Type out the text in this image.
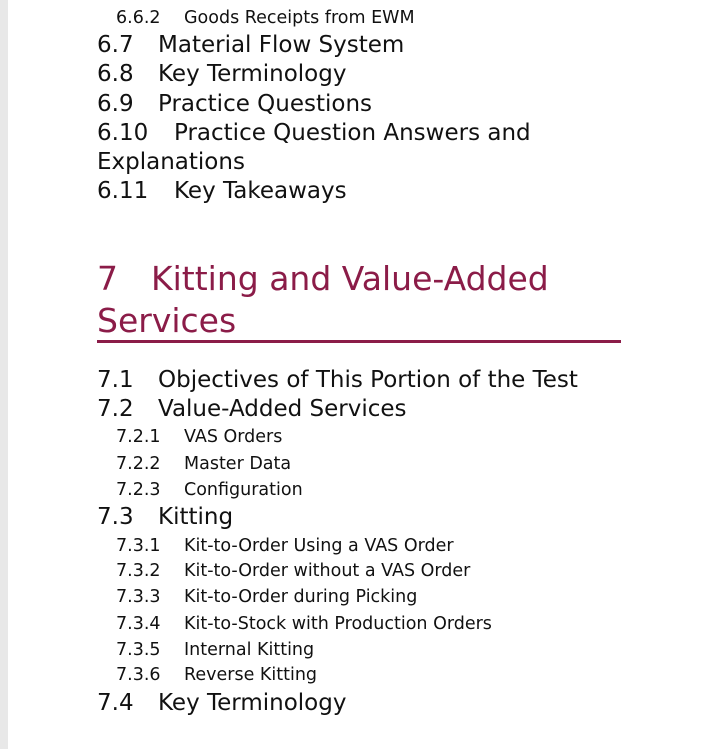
6.6.2	Goods Receipts from EWM
6.7	Material Flow System
6.8	Key Terminology
6.9	Practice Questions
6.10	Practice Question Answers and
Explanations
6.11	Key Takeaways
7 Kitting and Value-Added
Services
7.1	Objectives of This Portion of the Test
7.2	Value-Added Services
7.2.1	VAS Orders
7.2.2	Master Data
7.2.3	Configuration
7.3	Kitting
7.3.1	Kit-to-Order Using a VAS Order
7.3.2	Kit-to-Order without a VAS Order
7.3.3	Kit-to-Order during Picking
7.3.4	Kit-to-Stock with Production Orders
7.3.5	Internal Kitting
7.3.6	Reverse Kitting
7.4	Key Terminology
